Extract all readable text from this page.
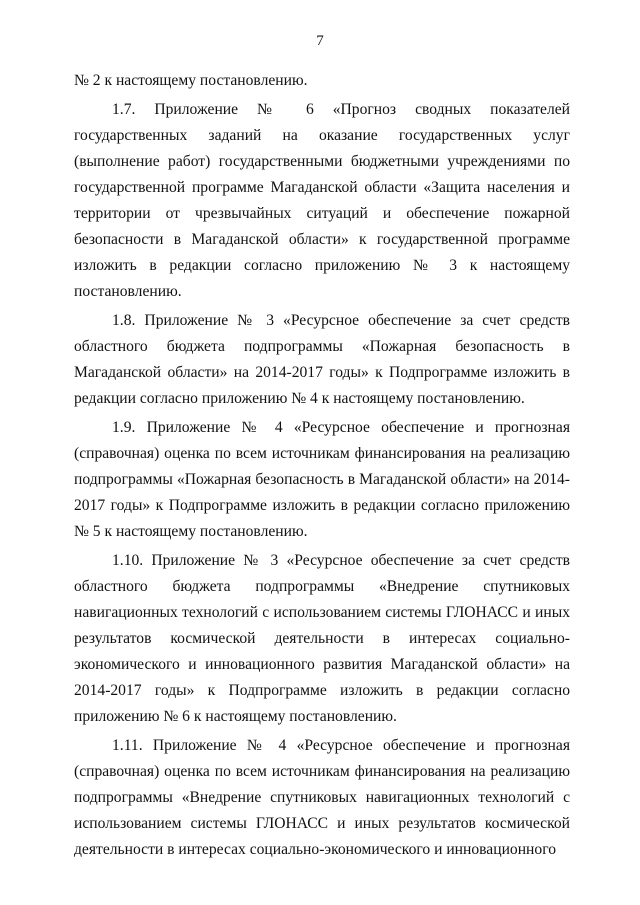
7

№ 2 к настоящему постановлению.

1.7. Приложение № 6 «Прогноз сводных показателей государственных заданий на оказание государственных услуг (выполнение работ) государственными бюджетными учреждениями по государственной программе Магаданской области «Защита населения и территории от чрезвычайных ситуаций и обеспечение пожарной безопасности в Магаданской области» к государственной программе изложить в редакции согласно приложению № 3 к настоящему постановлению.

1.8. Приложение № 3 «Ресурсное обеспечение за счет средств областного бюджета подпрограммы «Пожарная безопасность в Магаданской области» на 2014-2017 годы» к Подпрограмме изложить в редакции согласно приложению № 4 к настоящему постановлению.

1.9. Приложение № 4 «Ресурсное обеспечение и прогнозная (справочная) оценка по всем источникам финансирования на реализацию подпрограммы «Пожарная безопасность в Магаданской области» на 2014-2017 годы» к Подпрограмме изложить в редакции согласно приложению № 5 к настоящему постановлению.

1.10. Приложение № 3 «Ресурсное обеспечение за счет средств областного бюджета подпрограммы «Внедрение спутниковых навигационных технологий с использованием системы ГЛОНАСС и иных результатов космической деятельности в интересах социально-экономического и инновационного развития Магаданской области» на 2014-2017 годы» к Подпрограмме изложить в редакции согласно приложению № 6 к настоящему постановлению.

1.11. Приложение № 4 «Ресурсное обеспечение и прогнозная (справочная) оценка по всем источникам финансирования на реализацию подпрограммы «Внедрение спутниковых навигационных технологий с использованием системы ГЛОНАСС и иных результатов космической деятельности в интересах социально-экономического и инновационного
